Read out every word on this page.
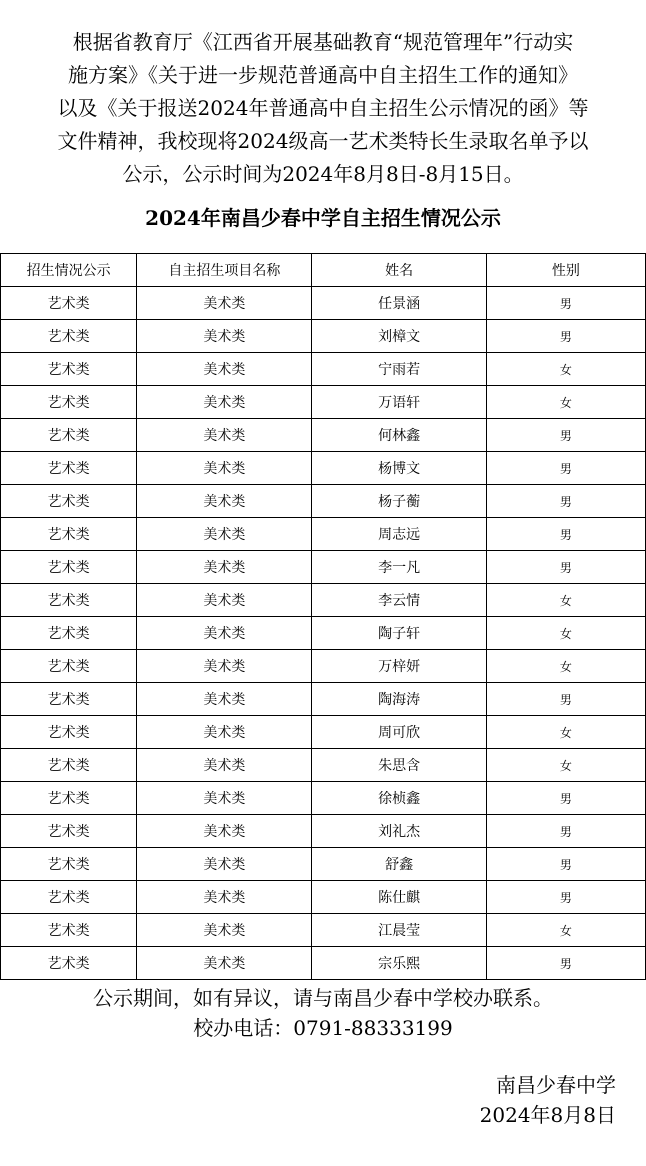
根据省教育厅《江西省开展基础教育“规范管理年”行动实
施方案》《关于进一步规范普通高中自主招生工作的通知》
以及《关于报送2024年普通高中自主招生公示情况的函》等
文件精神，我校现将2024级高一艺术类特长生录取名单予以
公示，公示时间为2024年8月8日-8月15日。
2024年南昌少春中学自主招生情况公示
招生情况公示	自主招生项目名称	姓名	性别
艺术类	美术类	任景涵	男
艺术类	美术类	刘樟文	男
艺术类	美术类	宁雨若	女
艺术类	美术类	万语轩	女
艺术类	美术类	何林鑫	男
艺术类	美术类	杨博文	男
艺术类	美术类	杨子蘅	男
艺术类	美术类	周志远	男
艺术类	美术类	李一凡	男
艺术类	美术类	李云情	女
艺术类	美术类	陶子轩	女
艺术类	美术类	万梓妍	女
艺术类	美术类	陶海涛	男
艺术类	美术类	周可欣	女
艺术类	美术类	朱思含	女
艺术类	美术类	徐桢鑫	男
艺术类	美术类	刘礼杰	男
艺术类	美术类	舒鑫	男
艺术类	美术类	陈仕麒	男
艺术类	美术类	江晨莹	女
艺术类	美术类	宗乐熙	男

公示期间，如有异议，请与南昌少春中学校办联系。

校办电话：0791-88333199

南昌少春中学
2024年8月8日
